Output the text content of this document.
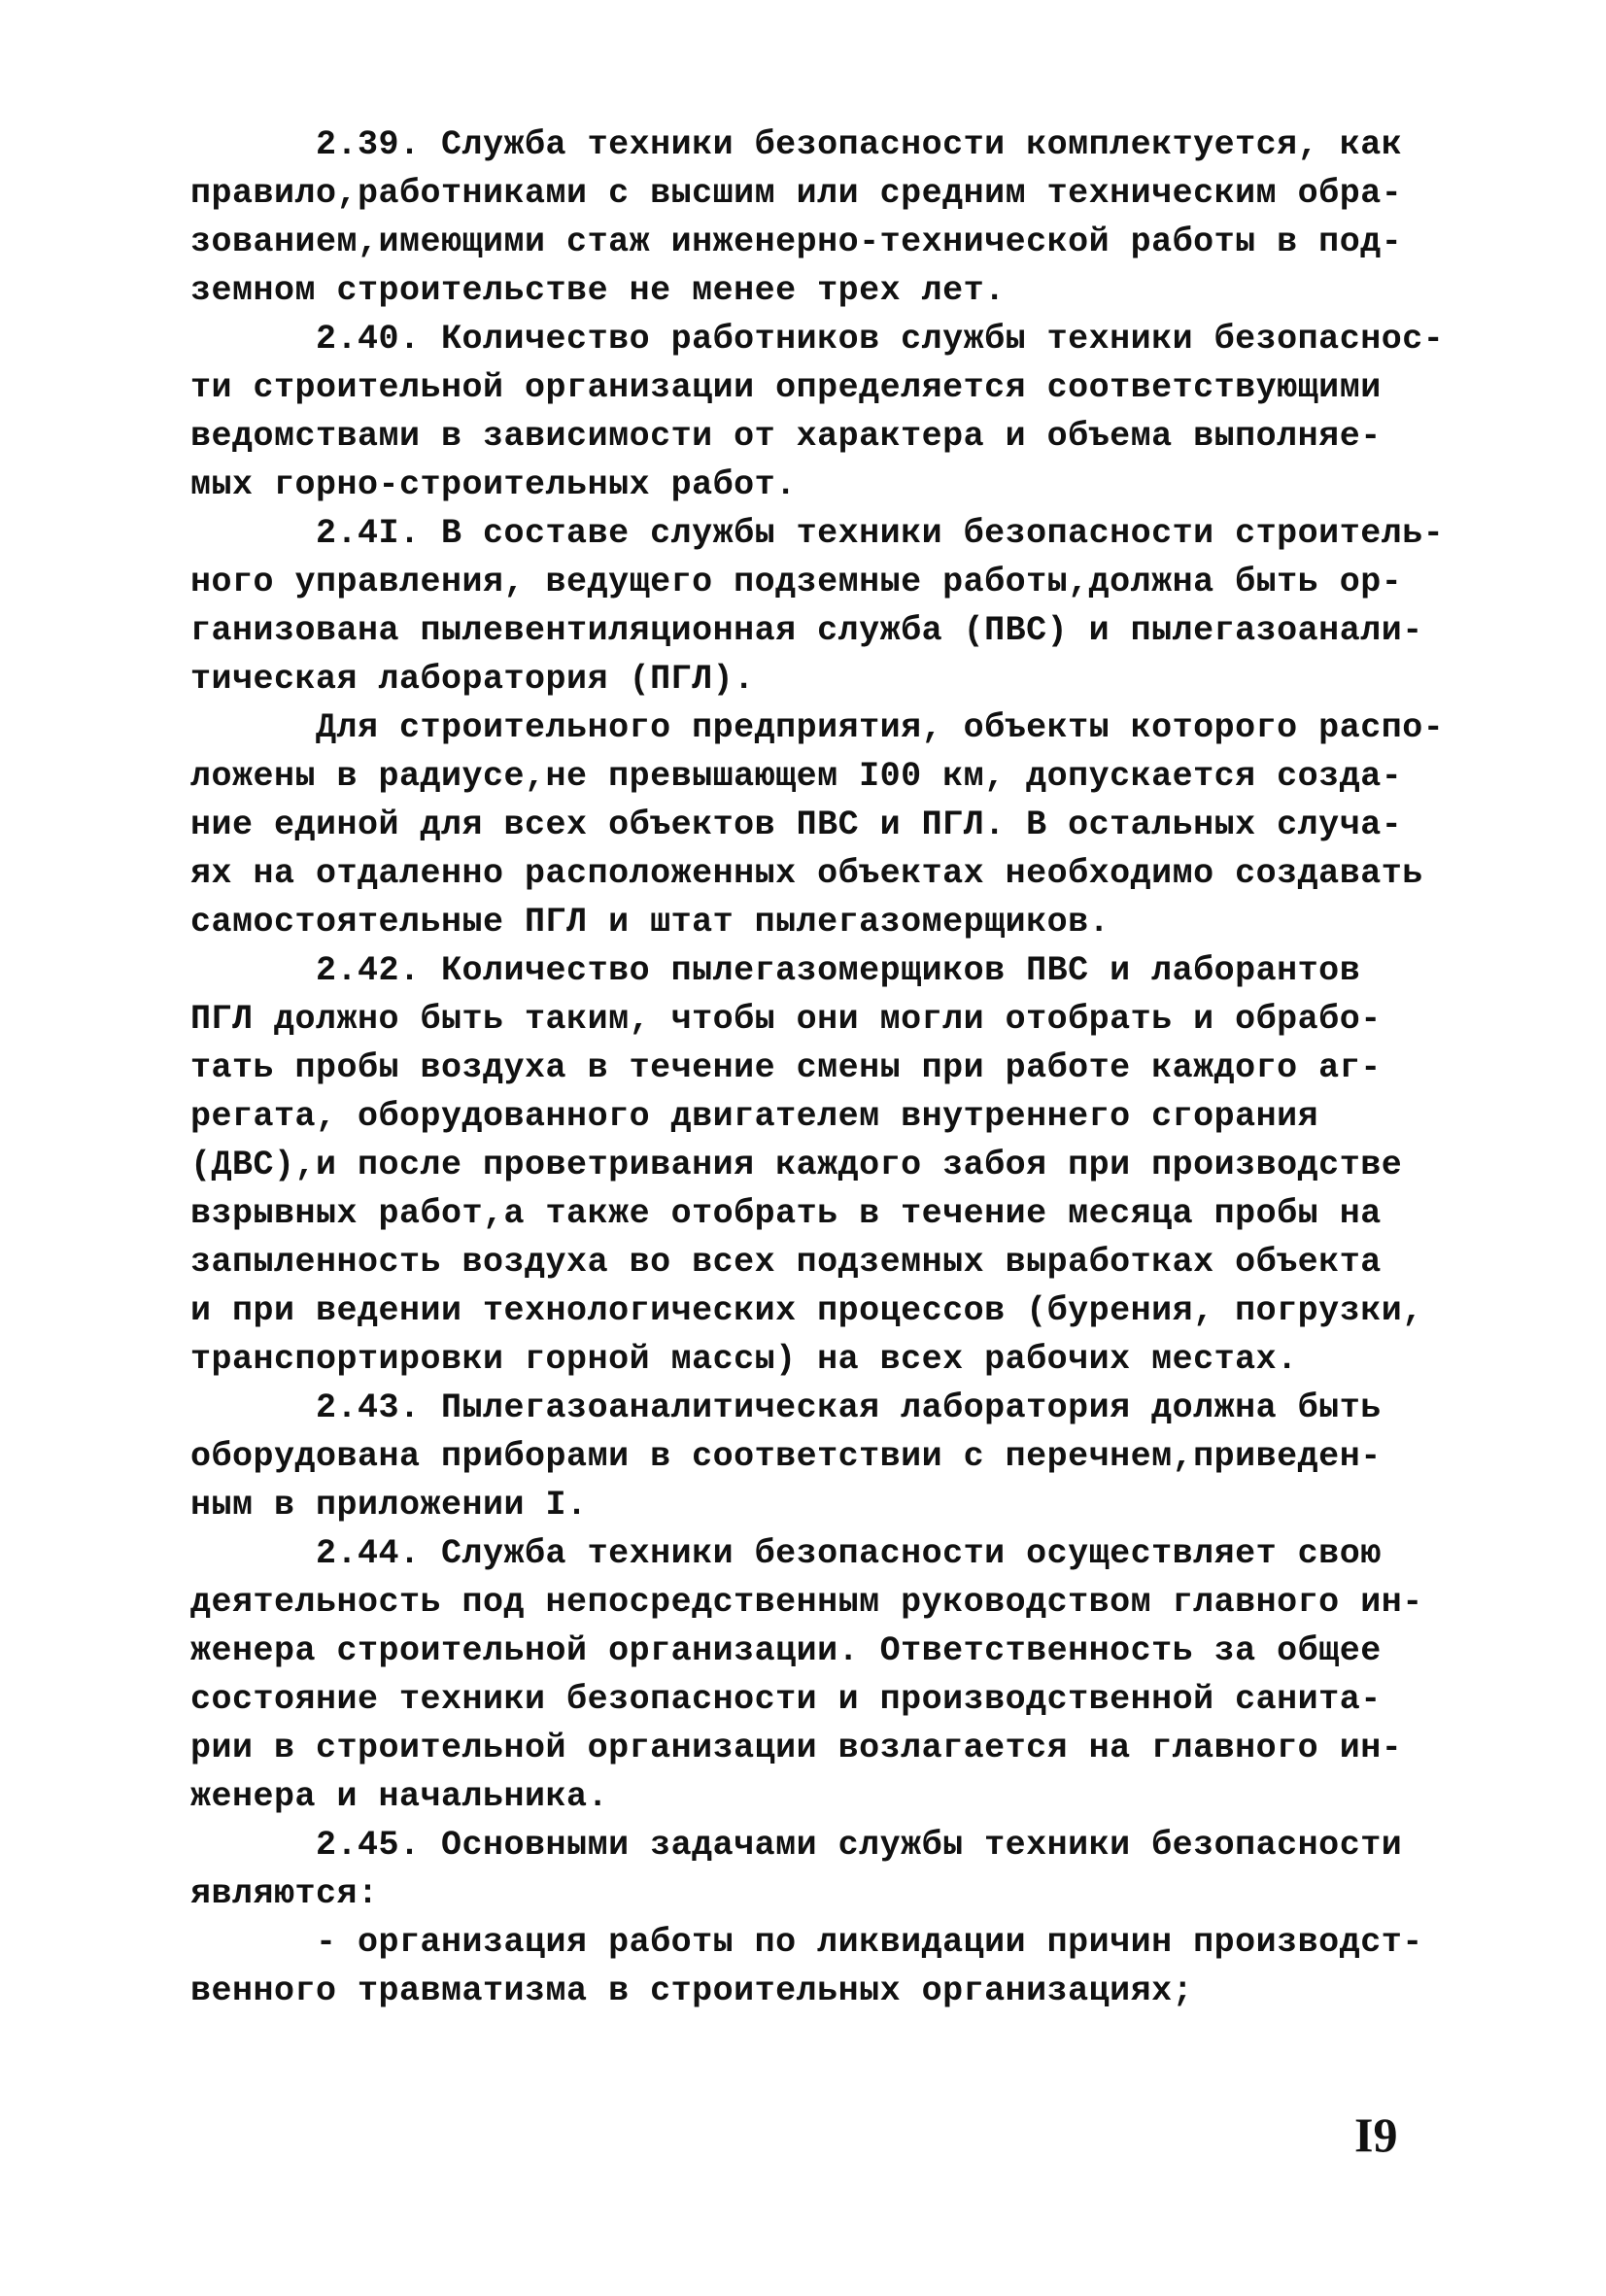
2.39. Служба техники безопасности комплектуется, как
правило,работниками с высшим или средним техническим обра-
зованием,имеющими стаж инженерно-технической работы в под-
земном строительстве не менее трех лет.
2.40. Количество работников службы техники безопаснос-
ти строительной организации определяется соответствующими
ведомствами в зависимости от характера и объема выполняе-
мых горно-строительных работ.
2.4I. В составе службы техники безопасности строитель-
ного управления, ведущего подземные работы,должна быть ор-
ганизована пылевентиляционная служба (ПВС) и пылегазоанали-
тическая лаборатория (ПГЛ).
Для строительного предприятия, объекты которого распо-
ложены в радиусе,не превышающем I00 км, допускается созда-
ние единой для всех объектов ПВС и ПГЛ. В остальных случа-
ях на отдаленно расположенных объектах необходимо создавать
самостоятельные ПГЛ и штат пылегазомерщиков.
2.42. Количество пылегазомерщиков ПВС и лаборантов
ПГЛ должно быть таким, чтобы они могли отобрать и обрабо-
тать пробы воздуха в течение смены при работе каждого аг-
регата, оборудованного двигателем внутреннего сгорания
(ДВС),и после проветривания каждого забоя при производстве
взрывных работ,а также отобрать в течение месяца пробы на
запыленность воздуха во всех подземных выработках объекта
и при ведении технологических процессов (бурения, погрузки,
транспортировки горной массы) на всех рабочих местах.
2.43. Пылегазоаналитическая лаборатория должна быть
оборудована приборами в соответствии с перечнем,приведен-
ным в приложении I.
2.44. Служба техники безопасности осуществляет свою
деятельность под непосредственным руководством главного ин-
женера строительной организации. Ответственность за общее
состояние техники безопасности и производственной санита-
рии в строительной организации возлагается на главного ин-
женера и начальника.
2.45. Основными задачами службы техники безопасности
являются:
- организация работы по ликвидации причин производст-
венного травматизма в строительных организациях;
I9
